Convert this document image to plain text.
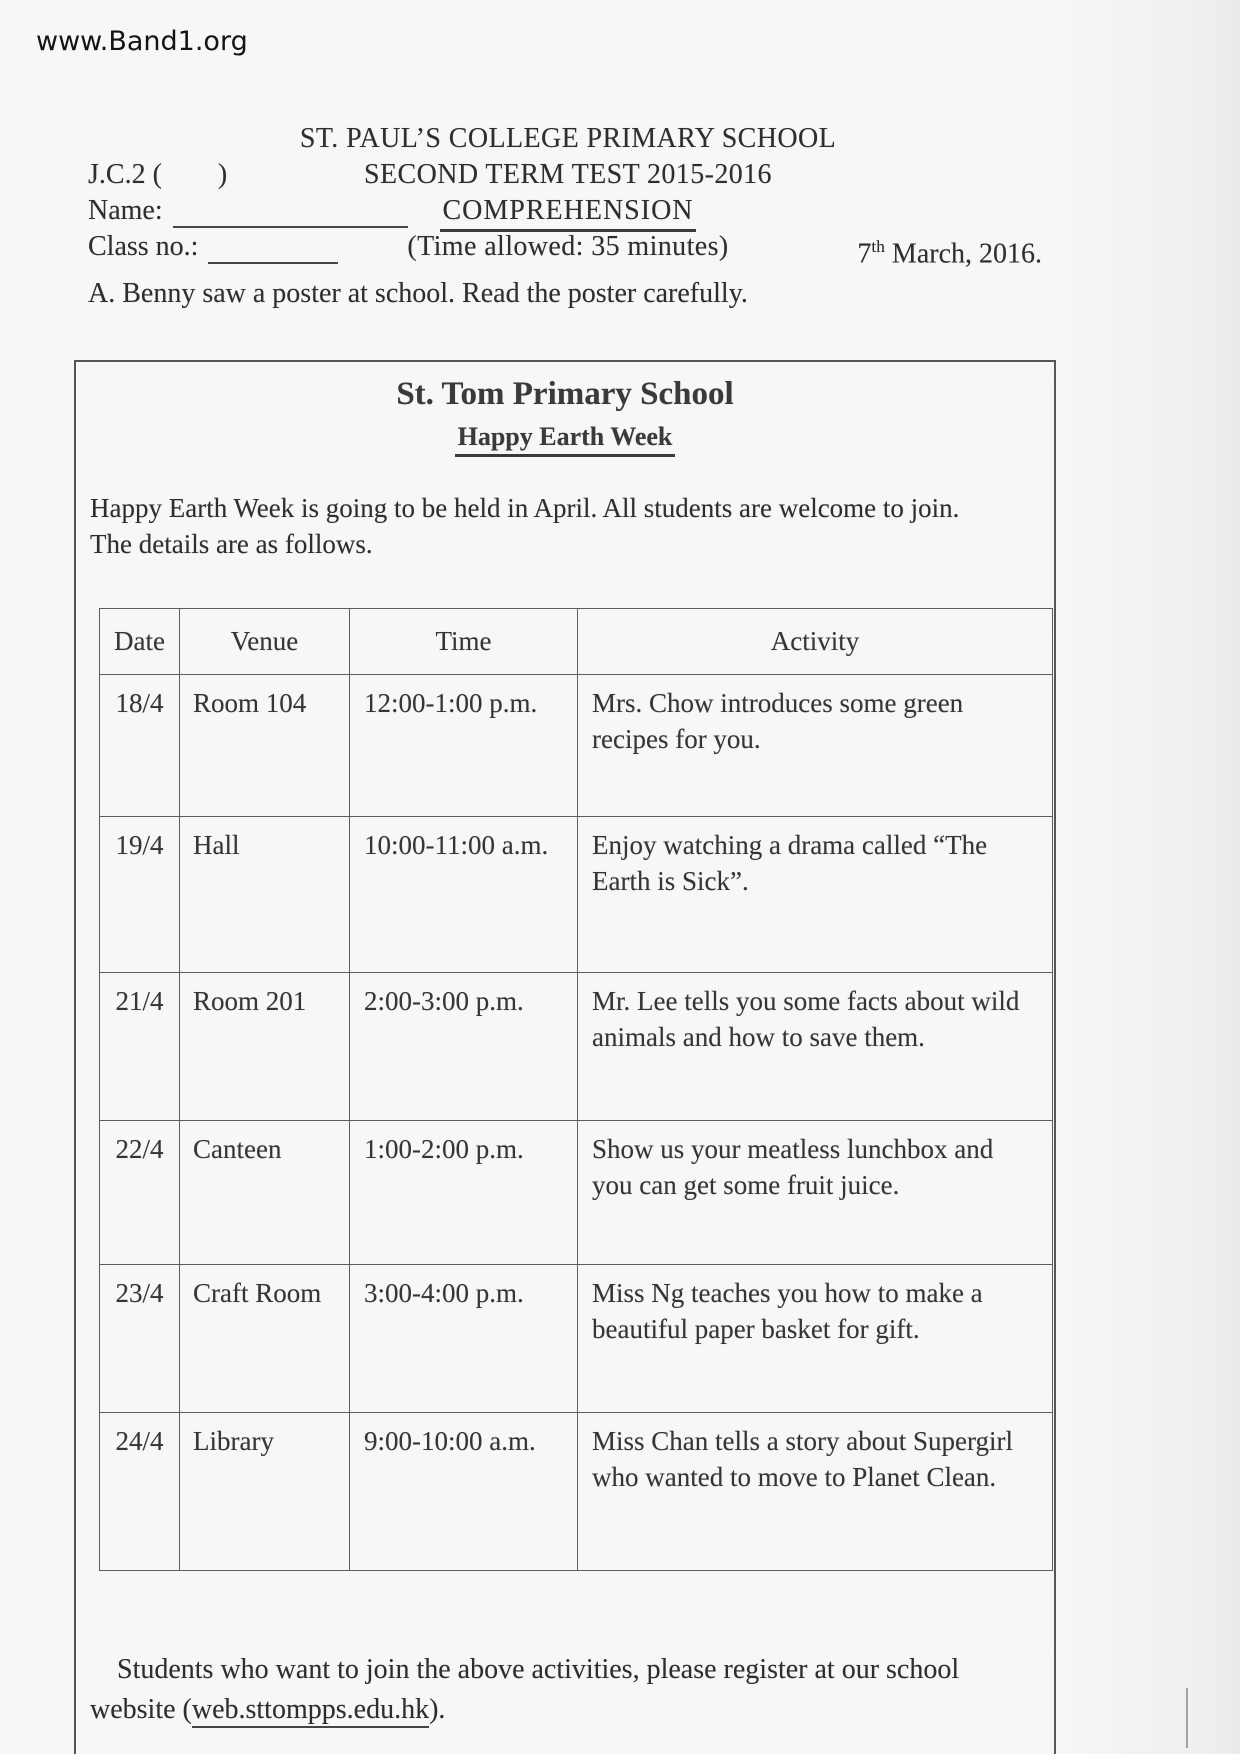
www.Band1.org
ST. PAUL’S COLLEGE PRIMARY SCHOOL
J.C.2 (        )	SECOND TERM TEST 2015-2016
Name:	COMPREHENSION
Class no.:	(Time allowed: 35 minutes)	7th March, 2016.
A. Benny saw a poster at school. Read the poster carefully.
St. Tom Primary School
Happy Earth Week
Happy Earth Week is going to be held in April. All students are welcome to join.
The details are as follows.
Date	Venue	Time	Activity
18/4	Room 104	12:00-1:00 p.m.	Mrs. Chow introduces some green recipes for you.
19/4	Hall	10:00-11:00 a.m.	Enjoy watching a drama called “The Earth is Sick”.
21/4	Room 201	2:00-3:00 p.m.	Mr. Lee tells you some facts about wild animals and how to save them.
22/4	Canteen	1:00-2:00 p.m.	Show us your meatless lunchbox and you can get some fruit juice.
23/4	Craft Room	3:00-4:00 p.m.	Miss Ng teaches you how to make a beautiful paper basket for gift.
24/4	Library	9:00-10:00 a.m.	Miss Chan tells a story about Supergirl who wanted to move to Planet Clean.
Students who want to join the above activities, please register at our school
website (web.sttompps.edu.hk).
